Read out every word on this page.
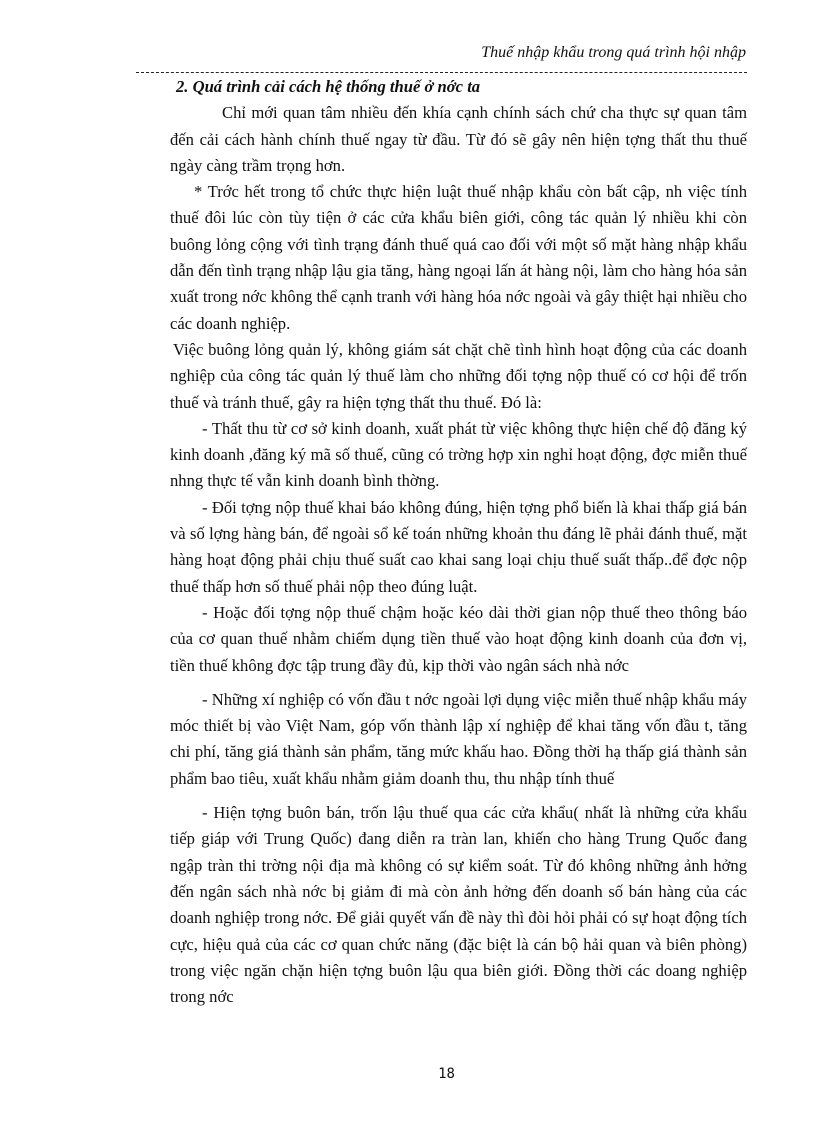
Thuế nhập khẩu trong quá trình hội nhập
2. Quá trình cải cách hệ thống thuế ở nớc ta

Chỉ mới quan tâm nhiều đến khía cạnh chính sách chứ cha thực sự quan tâm đến cải cách hành chính thuế ngay từ đầu. Từ đó sẽ gây nên hiện tợng thất thu thuế ngày càng trầm trọng hơn.

* Trớc hết trong tổ chức thực hiện luật thuế nhập khẩu còn bất cập, nh việc tính thuế đôi lúc còn tùy tiện ở các cửa khẩu biên giới, công tác quản lý nhiều khi còn buông lỏng cộng với tình trạng đánh thuế quá cao đối với một số mặt hàng nhập khẩu dẫn đến tình trạng nhập lậu gia tăng, hàng ngoại lấn át hàng nội, làm cho hàng hóa sản xuất trong nớc không thể cạnh tranh với hàng hóa nớc ngoài và gây thiệt hại nhiều cho các doanh nghiệp.

Việc buông lỏng quản lý, không giám sát chặt chẽ tình hình hoạt động của các doanh nghiệp của công tác quản lý thuế làm cho những đối tợng nộp thuế có cơ hội để trốn thuế và tránh thuế, gây ra hiện tợng thất thu thuế. Đó là:

- Thất thu từ cơ sở kinh doanh, xuất phát từ việc không thực hiện chế độ đăng ký kinh doanh ,đăng ký mã số thuế, cũng có trờng hợp xin nghỉ hoạt động, đợc miễn thuế nhng thực tế vẫn kinh doanh bình thờng.

- Đối tợng nộp thuế khai báo không đúng, hiện tợng phổ biến là khai thấp giá bán và số lợng hàng bán, để ngoài sổ kế toán những khoản thu đáng lẽ phải đánh thuế, mặt hàng hoạt động phải chịu thuế suất cao khai sang loại chịu thuế suất thấp..để đợc nộp thuế thấp hơn số thuế phải nộp theo đúng luật.

- Hoặc đối tợng nộp thuế chậm hoặc kéo dài thời gian nộp thuế theo thông báo của cơ quan thuế nhằm chiếm dụng tiền thuế vào hoạt động kinh doanh của đơn vị, tiền thuế không đợc tập trung đầy đủ, kịp thời vào ngân sách nhà nớc

- Những xí nghiệp có vốn đầu t nớc ngoài lợi dụng việc miễn thuế nhập khẩu máy móc thiết bị vào Việt Nam, góp vốn thành lập xí nghiệp để khai tăng vốn đầu t, tăng chi phí, tăng giá thành sản phẩm, tăng mức khấu hao. Đồng thời hạ thấp giá thành sản phẩm bao tiêu, xuất khẩu nhằm giảm doanh thu, thu nhập tính thuế

- Hiện tợng buôn bán, trốn lậu thuế qua các cửa khẩu( nhất là những cửa khẩu tiếp giáp với Trung Quốc) đang diễn ra tràn lan, khiến cho hàng Trung Quốc đang ngập tràn thi trờng nội địa mà không có sự kiểm soát. Từ đó không những ảnh hởng đến ngân sách nhà nớc bị giảm đi mà còn ảnh hởng đến doanh số bán hàng của các doanh nghiệp trong nớc. Để giải quyết vấn đề này thì đòi hỏi phải có sự hoạt động tích cực, hiệu quả của các cơ quan chức năng (đặc biệt là cán bộ hải quan và biên phòng) trong việc ngăn chặn hiện tợng buôn lậu qua biên giới. Đồng thời các doang nghiệp trong nớc

18
